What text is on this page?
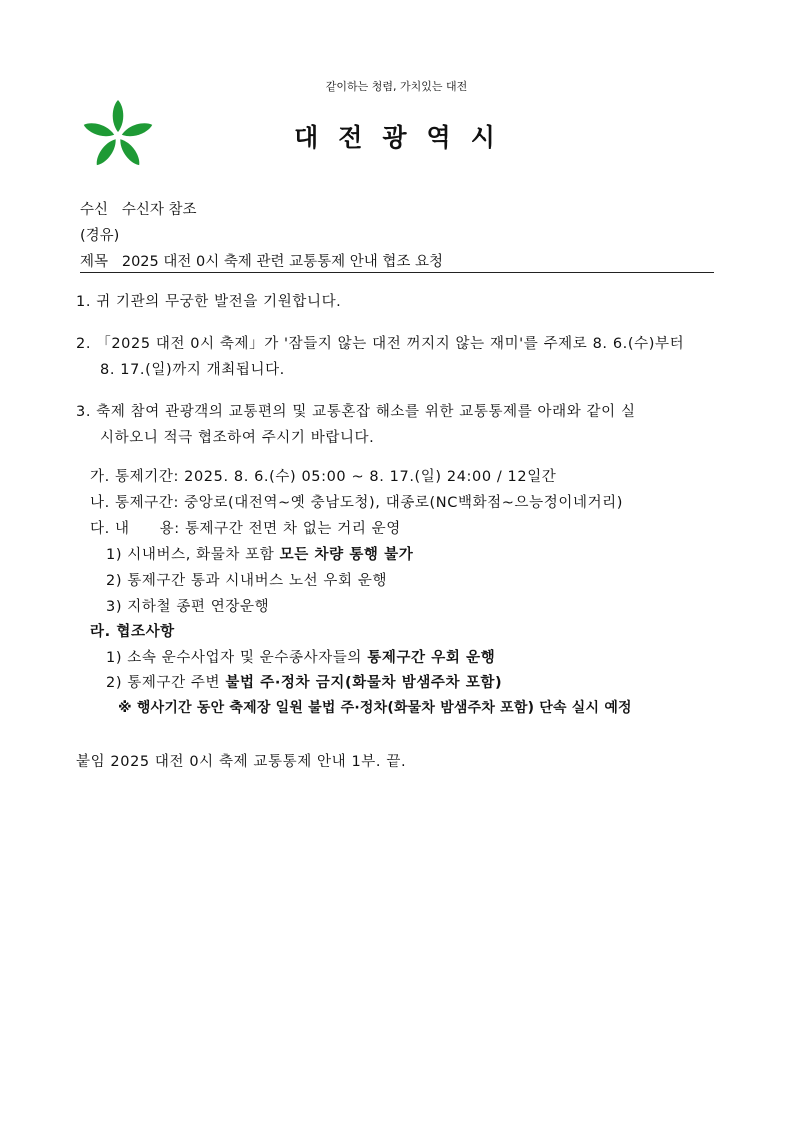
같이하는 청렴, 가치있는 대전
대전광역시
수신 수신자 참조
(경유)
제목 2025 대전 0시 축제 관련 교통통제 안내 협조 요청
1. 귀 기관의 무궁한 발전을 기원합니다.
2. 「2025 대전 0시 축제」가 '잠들지 않는 대전 꺼지지 않는 재미'를 주제로 8. 6.(수)부터
8. 17.(일)까지 개최됩니다.
3. 축제 참여 관광객의 교통편의 및 교통혼잡 해소를 위한 교통통제를 아래와 같이 실
시하오니 적극 협조하여 주시기 바랍니다.
가. 통제기간: 2025. 8. 6.(수) 05:00 ~ 8. 17.(일) 24:00 / 12일간
나. 통제구간: 중앙로(대전역~옛 충남도청), 대종로(NC백화점~으능정이네거리)
다. 내 용: 통제구간 전면 차 없는 거리 운영
1) 시내버스, 화물차 포함 모든 차량 통행 불가
2) 통제구간 통과 시내버스 노선 우회 운행
3) 지하철 종편 연장운행
라. 협조사항
1) 소속 운수사업자 및 운수종사자들의 통제구간 우회 운행
2) 통제구간 주변 불법 주·정차 금지(화물차 밤샘주차 포함)
※ 행사기간 동안 축제장 일원 불법 주·정차(화물차 밤샘주차 포함) 단속 실시 예정
붙임 2025 대전 0시 축제 교통통제 안내 1부. 끝.
